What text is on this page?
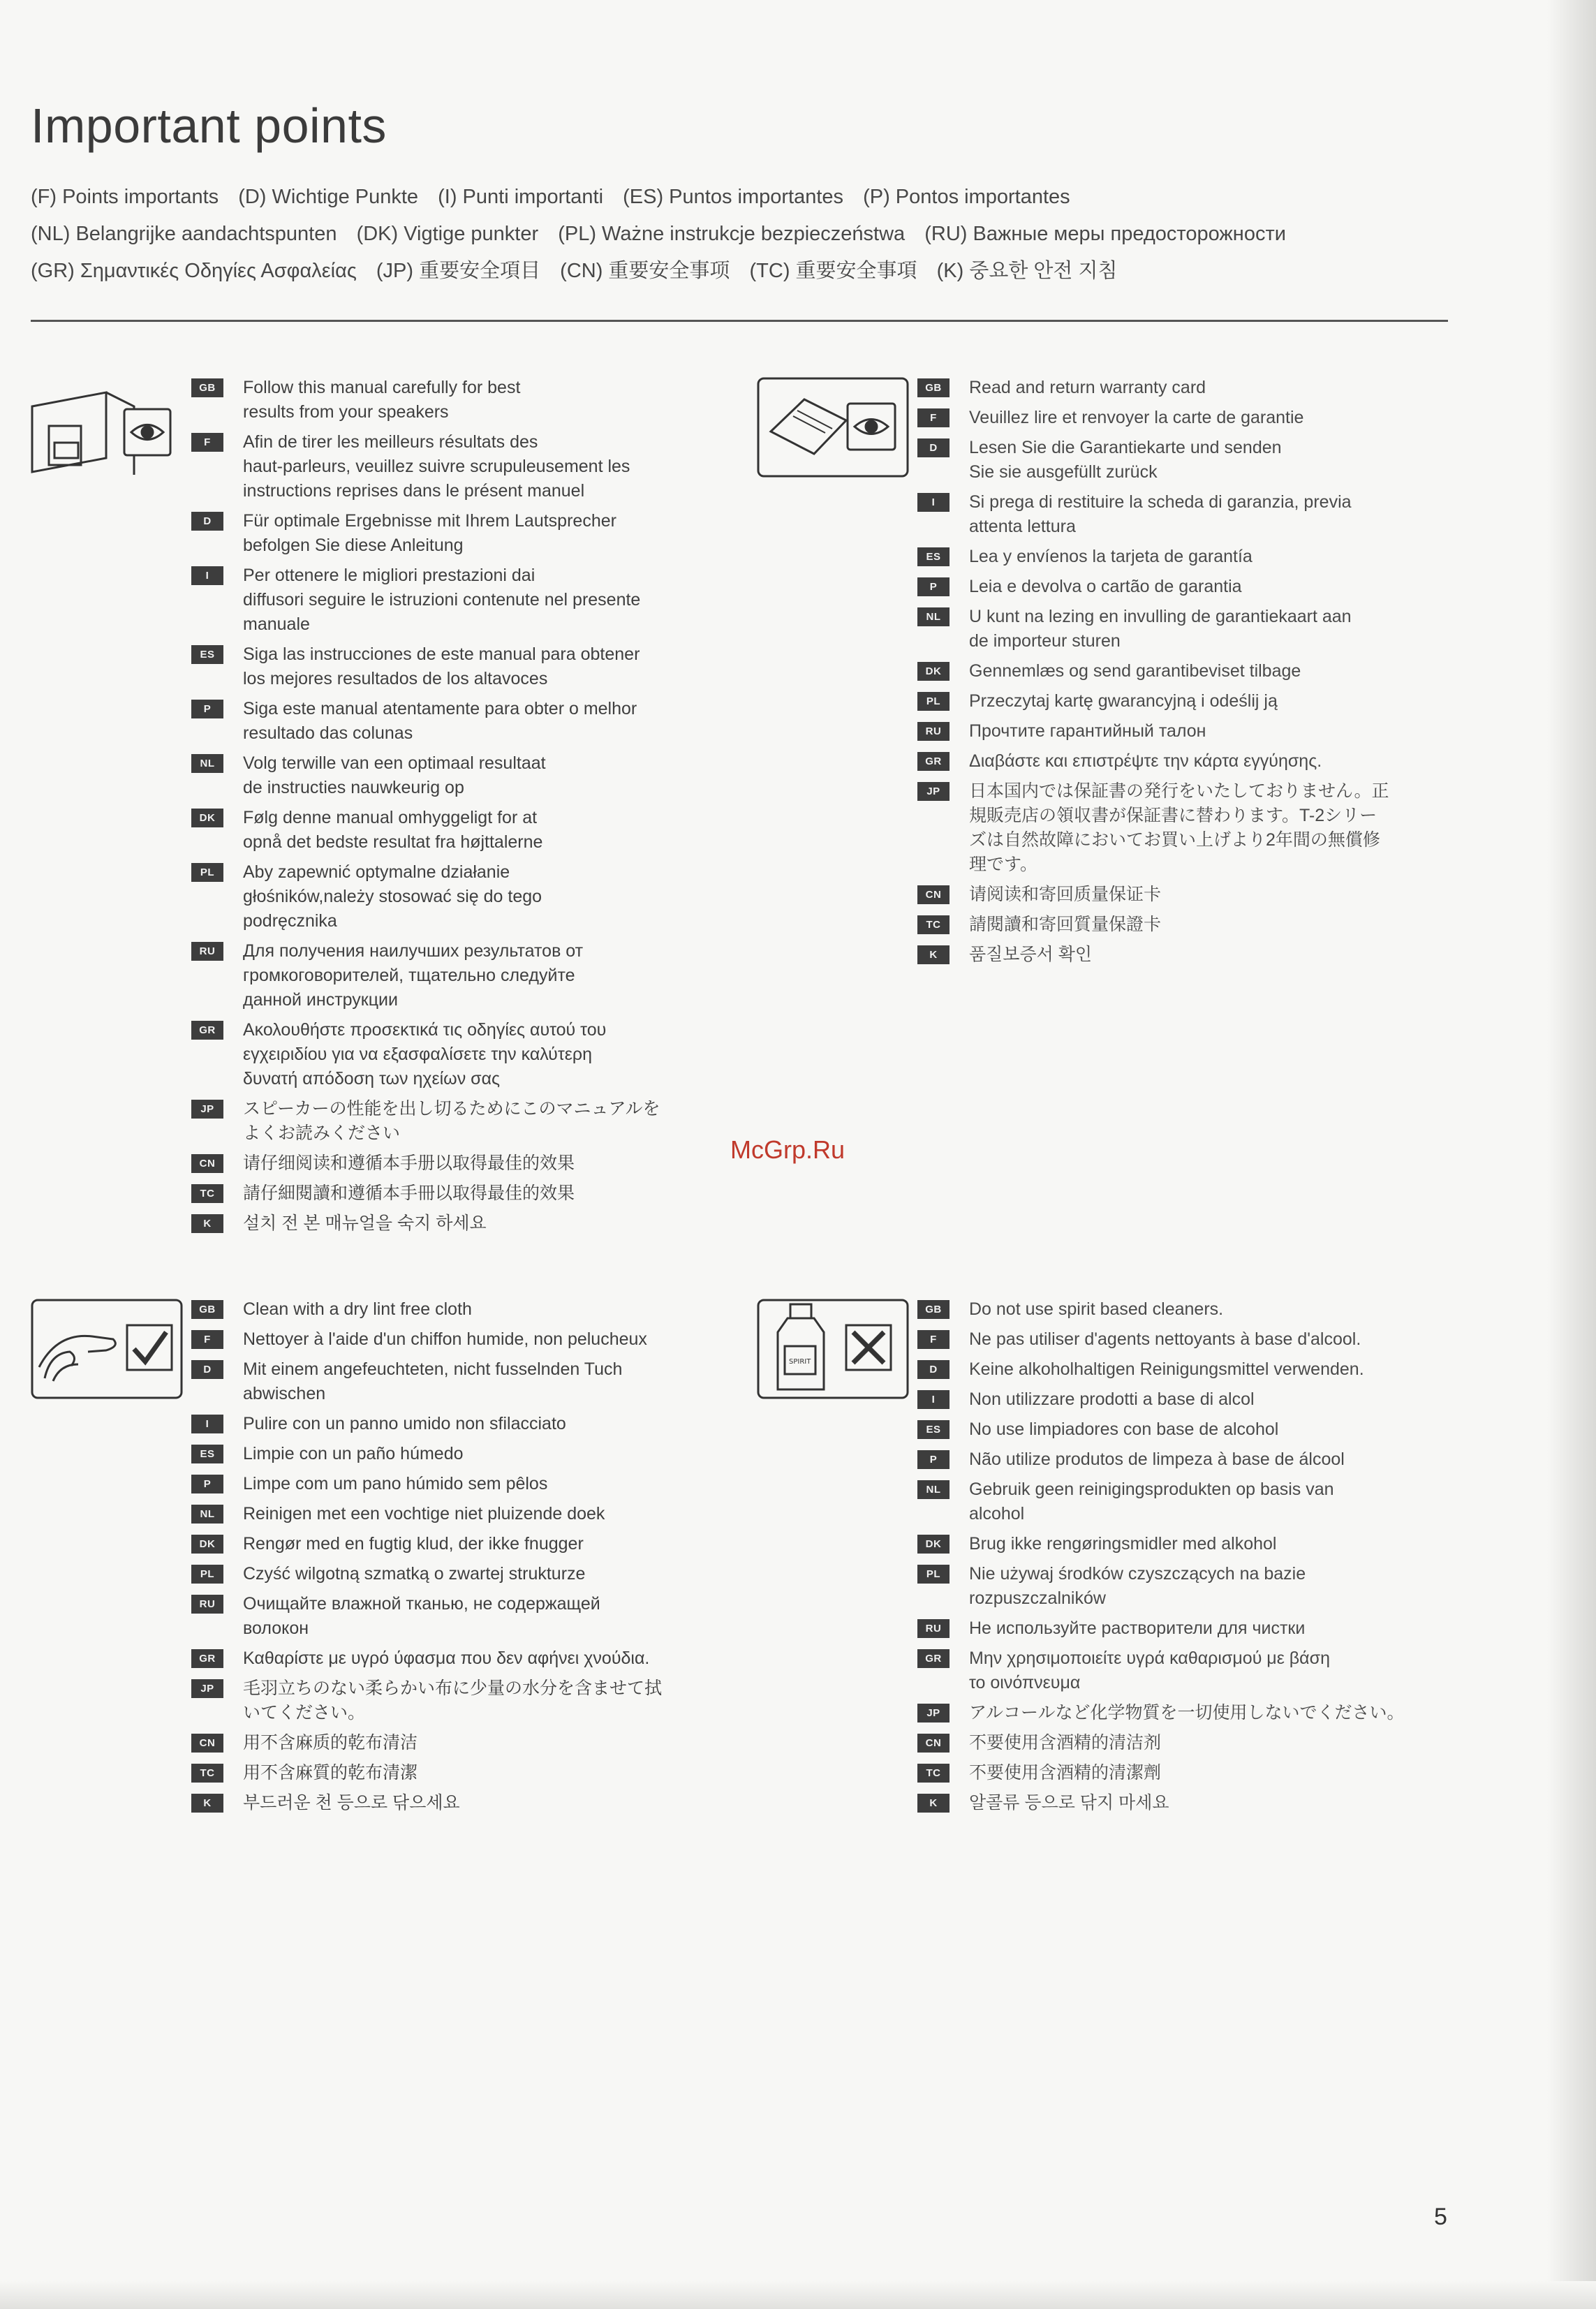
Important points
(F) Points importants (D) Wichtige Punkte (I) Punti importanti (ES) Puntos importantes (P) Pontos importantes
(NL) Belangrijke aandachtspunten (DK) Vigtige punkter (PL) Ważne instrukcje bezpieczeństwa (RU) Важные меры предосторожности
(GR) Σημαντικές Οδηγίες Ασφαλείας (JP) 重要安全項目 (CN) 重要安全事项 (TC) 重要安全事項 (K) 중요한 안전 지침
GB	Follow this manual carefully for best
results from your speakers
F	Afin de tirer les meilleurs résultats des
haut-parleurs, veuillez suivre scrupuleusement les
instructions reprises dans le présent manuel
D	Für optimale Ergebnisse mit Ihrem Lautsprecher
befolgen Sie diese Anleitung
I	Per ottenere le migliori prestazioni dai
diffusori seguire le istruzioni contenute nel presente
manuale
ES	Siga las instrucciones de este manual para obtener
los mejores resultados de los altavoces
P	Siga este manual atentamente para obter o melhor
resultado das colunas
NL	Volg terwille van een optimaal resultaat
de instructies nauwkeurig op
DK	Følg denne manual omhyggeligt for at
opnå det bedste resultat fra højttalerne
PL	Aby zapewnić optymalne działanie
głośników,należy stosować się do tego
podręcznika
RU	Для получения наилучших результатов от
громкоговорителей, тщательно следуйте
данной инструкции
GR	Ακολουθήστε προσεκτικά τις οδηγίες αυτού του
εγχειριδίου για να εξασφαλίσετε την καλύτερη
δυνατή απόδοση των ηχείων σας
JP	スピーカーの性能を出し切るためにこのマニュアルを
よくお読みください
CN	请仔细阅读和遵循本手册以取得最佳的效果
TC	請仔細閱讀和遵循本手冊以取得最佳的效果
K	설치 전 본 매뉴얼을 숙지 하세요
GB	Read and return warranty card
F	Veuillez lire et renvoyer la carte de garantie
D	Lesen Sie die Garantiekarte und senden
Sie sie ausgefüllt zurück
I	Si prega di restituire la scheda di garanzia, previa
attenta lettura
ES	Lea y envíenos la tarjeta de garantía
P	Leia e devolva o cartão de garantia
NL	U kunt na lezing en invulling de garantiekaart aan
de importeur sturen
DK	Gennemlæs og send garantibeviset tilbage
PL	Przeczytaj kartę gwarancyjną i odeślij ją
RU	Прочтите гарантийный талон
GR	Διαβάστε και επιστρέψτε την κάρτα εγγύησης.
JP	日本国内では保証書の発行をいたしておりません。正
規販売店の領収書が保証書に替わります。T-2シリー
ズは自然故障においてお買い上げより2年間の無償修
理です。
CN	请阅读和寄回质量保证卡
TC	請閱讀和寄回質量保證卡
K	품질보증서 확인
GB	Clean with a dry lint free cloth
F	Nettoyer à l'aide d'un chiffon humide, non pelucheux
D	Mit einem angefeuchteten, nicht fusselnden Tuch
abwischen
I	Pulire con un panno umido non sfilacciato
ES	Limpie con un paño húmedo
P	Limpe com um pano húmido sem pêlos
NL	Reinigen met een vochtige niet pluizende doek
DK	Rengør med en fugtig klud, der ikke fnugger
PL	Czyść wilgotną szmatką o zwartej strukturze
RU	Очищайте влажной тканью, не содержащей
волокон
GR	Καθαρίστε με υγρό ύφασμα που δεν αφήνει χνούδια.
JP	毛羽立ちのない柔らかい布に少量の水分を含ませて拭
いてください。
CN	用不含麻质的乾布清洁
TC	用不含麻質的乾布清潔
K	부드러운 천 등으로 닦으세요
SPIRIT
GB	Do not use spirit based cleaners.
F	Ne pas utiliser d'agents nettoyants à base d'alcool.
D	Keine alkoholhaltigen Reinigungsmittel verwenden.
I	Non utilizzare prodotti a base di alcol
ES	No use limpiadores con base de alcohol
P	Não utilize produtos de limpeza à base de álcool
NL	Gebruik geen reinigingsprodukten op basis van
alcohol
DK	Brug ikke rengøringsmidler med alkohol
PL	Nie używaj środków czyszczących na bazie
rozpuszczalników
RU	Не используйте растворители для чистки
GR	Μην χρησιμοποιείτε υγρά καθαρισμού με βάση
το οινόπνευμα
JP	アルコールなど化学物質を一切使用しないでください。
CN	不要使用含酒精的清洁剂
TC	不要使用含酒精的清潔劑
K	알콜류 등으로 닦지 마세요
McGrp.Ru
5
